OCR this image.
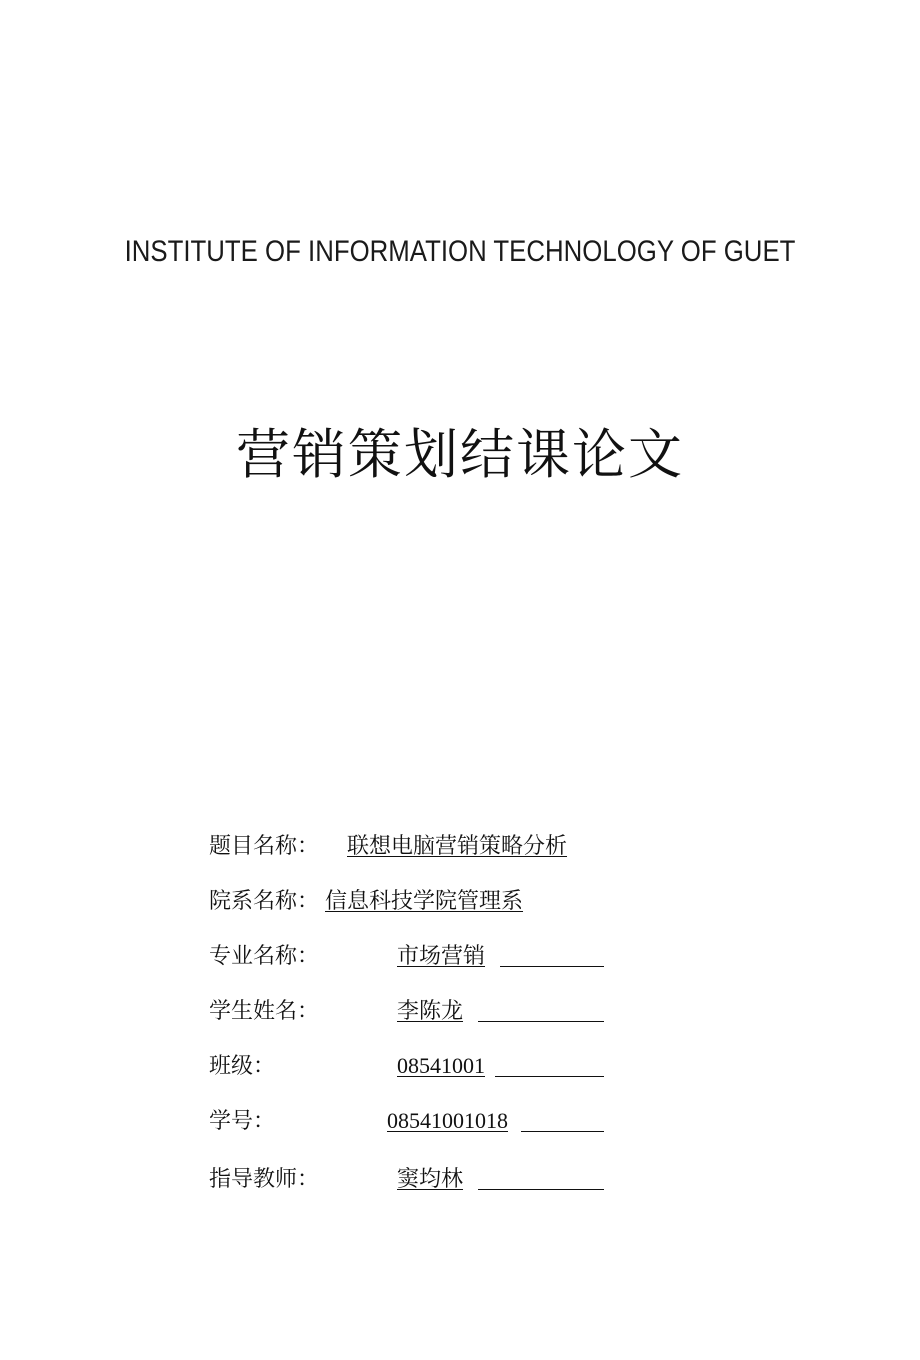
INSTITUTE OF INFORMATION TECHNOLOGY OF GUET
营销策划结课论文
题目名称： 联想电脑营销策略分析
院系名称： 信息科技学院管理系
专业名称：	市场营销
学生姓名：	李陈龙
班级：	08541001
学号：	08541001018
指导教师：	窦均林
